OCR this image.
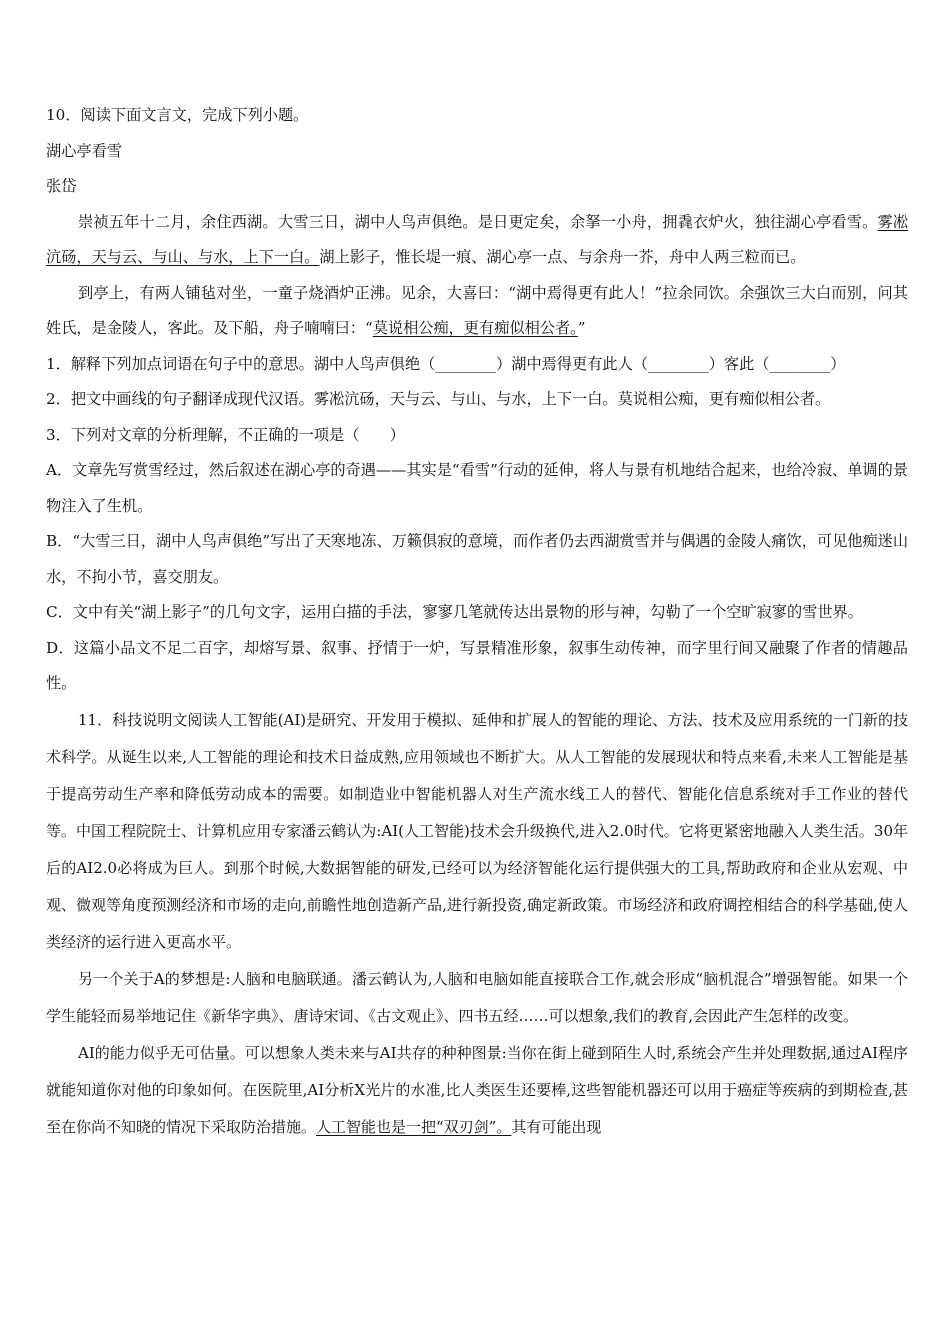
10．阅读下面文言文，完成下列小题。

湖心亭看雪

张岱

崇祯五年十二月，余住西湖。大雪三日，湖中人鸟声俱绝。是日更定矣，余拏一小舟，拥毳衣炉火，独往湖心亭看雪。雾凇沆砀，天与云、与山、与水，上下一白。湖上影子，惟长堤一痕、湖心亭一点、与余舟一芥，舟中人两三粒而已。

到亭上，有两人铺毡对坐，一童子烧酒炉正沸。见余，大喜曰：“湖中焉得更有此人！”拉余同饮。余强饮三大白而别，问其姓氏，是金陵人，客此。及下船，舟子喃喃曰：“莫说相公痴，更有痴似相公者。”

1．解释下列加点词语在句子中的意思。湖中人鸟声俱绝（________）湖中焉得更有此人（________）客此（________）

2．把文中画线的句子翻译成现代汉语。雾凇沆砀，天与云、与山、与水，上下一白。莫说相公痴，更有痴似相公者。

3．下列对文章的分析理解，不正确的一项是（　　）

A．文章先写赏雪经过，然后叙述在湖心亭的奇遇——其实是“看雪”行动的延伸，将人与景有机地结合起来，也给冷寂、单调的景物注入了生机。

B．“大雪三日，湖中人鸟声俱绝”写出了天寒地冻、万籁俱寂的意境，而作者仍去西湖赏雪并与偶遇的金陵人痛饮，可见他痴迷山水，不拘小节，喜交朋友。

C．文中有关“湖上影子”的几句文字，运用白描的手法，寥寥几笔就传达出景物的形与神，勾勒了一个空旷寂寥的雪世界。

D．这篇小品文不足二百字，却熔写景、叙事、抒情于一炉，写景精准形象，叙事生动传神，而字里行间又融聚了作者的情趣品性。

11．科技说明文阅读人工智能(AI)是研究、开发用于模拟、延伸和扩展人的智能的理论、方法、技术及应用系统的一门新的技术科学。从诞生以来,人工智能的理论和技术日益成熟,应用领域也不断扩大。从人工智能的发展现状和特点来看,未来人工智能是基于提高劳动生产率和降低劳动成本的需要。如制造业中智能机器人对生产流水线工人的替代、智能化信息系统对手工作业的替代等。中国工程院院士、计算机应用专家潘云鹤认为:AI(人工智能)技术会升级换代,进入2.0时代。它将更紧密地融入人类生活。30年后的AI2.0必将成为巨人。到那个时候,大数据智能的研发,已经可以为经济智能化运行提供强大的工具,帮助政府和企业从宏观、中观、微观等角度预测经济和市场的走向,前瞻性地创造新产品,进行新投资,确定新政策。市场经济和政府调控相结合的科学基础,使人类经济的运行进入更高水平。

另一个关于A的梦想是:人脑和电脑联通。潘云鹤认为,人脑和电脑如能直接联合工作,就会形成“脑机混合”增强智能。如果一个学生能轻而易举地记住《新华字典》、唐诗宋词、《古文观止》、四书五经……可以想象,我们的教育,会因此产生怎样的改变。

AI的能力似乎无可估量。可以想象人类未来与AI共存的种种图景:当你在街上碰到陌生人时,系统会产生并处理数据,通过AI程序就能知道你对他的印象如何。在医院里,AI分析X光片的水准,比人类医生还要棒,这些智能机器还可以用于癌症等疾病的到期检查,甚至在你尚不知晓的情况下采取防治措施。人工智能也是一把“双刃剑”。其有可能出现
